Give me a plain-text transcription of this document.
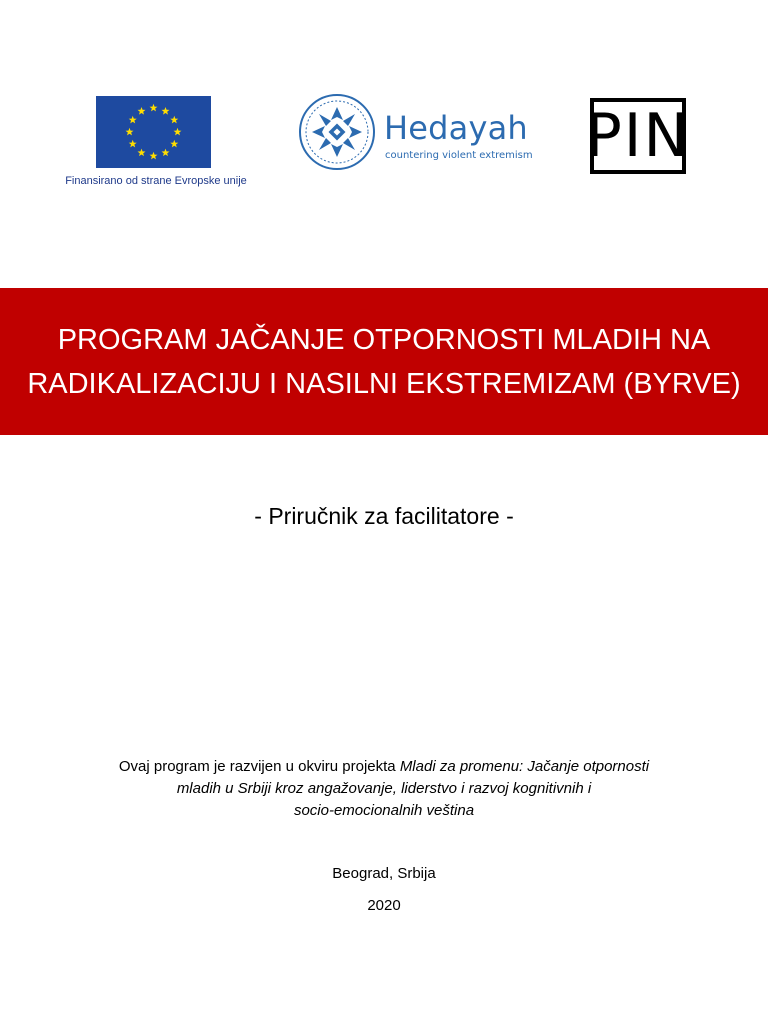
Finansirano od strane Evropske unije
Hedayah
countering violent extremism PIN
PROGRAM JAČANJE OTPORNOSTI MLADIH NA
RADIKALIZACIJU I NASILNI EKSTREMIZAM (BYRVE)
- Priručnik za facilitatore -
Ovaj program je razvijen u okviru projekta Mladi za promenu: Jačanje otpornosti
mladih u Srbiji kroz angažovanje, liderstvo i razvoj kognitivnih i
socio-emocionalnih veština
Beograd, Srbija
2020
